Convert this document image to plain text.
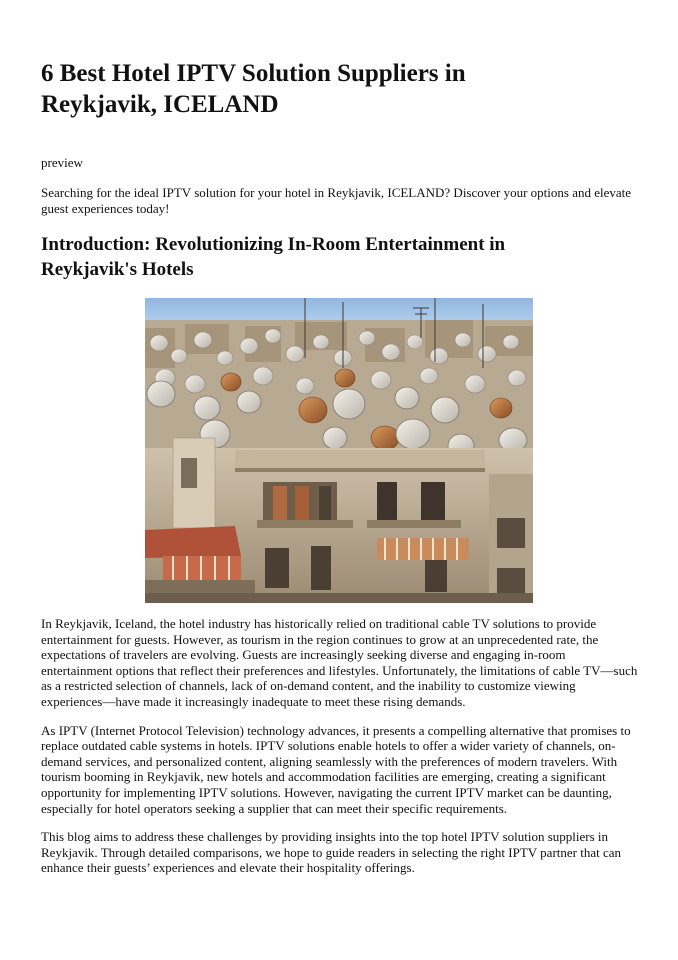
6 Best Hotel IPTV Solution Suppliers in Reykjavik, ICELAND
preview
Searching for the ideal IPTV solution for your hotel in Reykjavik, ICELAND? Discover your options and elevate guest experiences today!
Introduction: Revolutionizing In-Room Entertainment in Reykjavik's Hotels

In Reykjavik, Iceland, the hotel industry has historically relied on traditional cable TV solutions to provide entertainment for guests. However, as tourism in the region continues to grow at an unprecedented rate, the expectations of travelers are evolving. Guests are increasingly seeking diverse and engaging in-room entertainment options that reflect their preferences and lifestyles. Unfortunately, the limitations of cable TV—such as a restricted selection of channels, lack of on-demand content, and the inability to customize viewing experiences—have made it increasingly inadequate to meet these rising demands.

As IPTV (Internet Protocol Television) technology advances, it presents a compelling alternative that promises to replace outdated cable systems in hotels. IPTV solutions enable hotels to offer a wider variety of channels, on-demand services, and personalized content, aligning seamlessly with the preferences of modern travelers. With tourism booming in Reykjavik, new hotels and accommodation facilities are emerging, creating a significant opportunity for implementing IPTV solutions. However, navigating the current IPTV market can be daunting, especially for hotel operators seeking a supplier that can meet their specific requirements.

This blog aims to address these challenges by providing insights into the top hotel IPTV solution suppliers in Reykjavik. Through detailed comparisons, we hope to guide readers in selecting the right IPTV partner that can enhance their guests’ experiences and elevate their hospitality offerings.
